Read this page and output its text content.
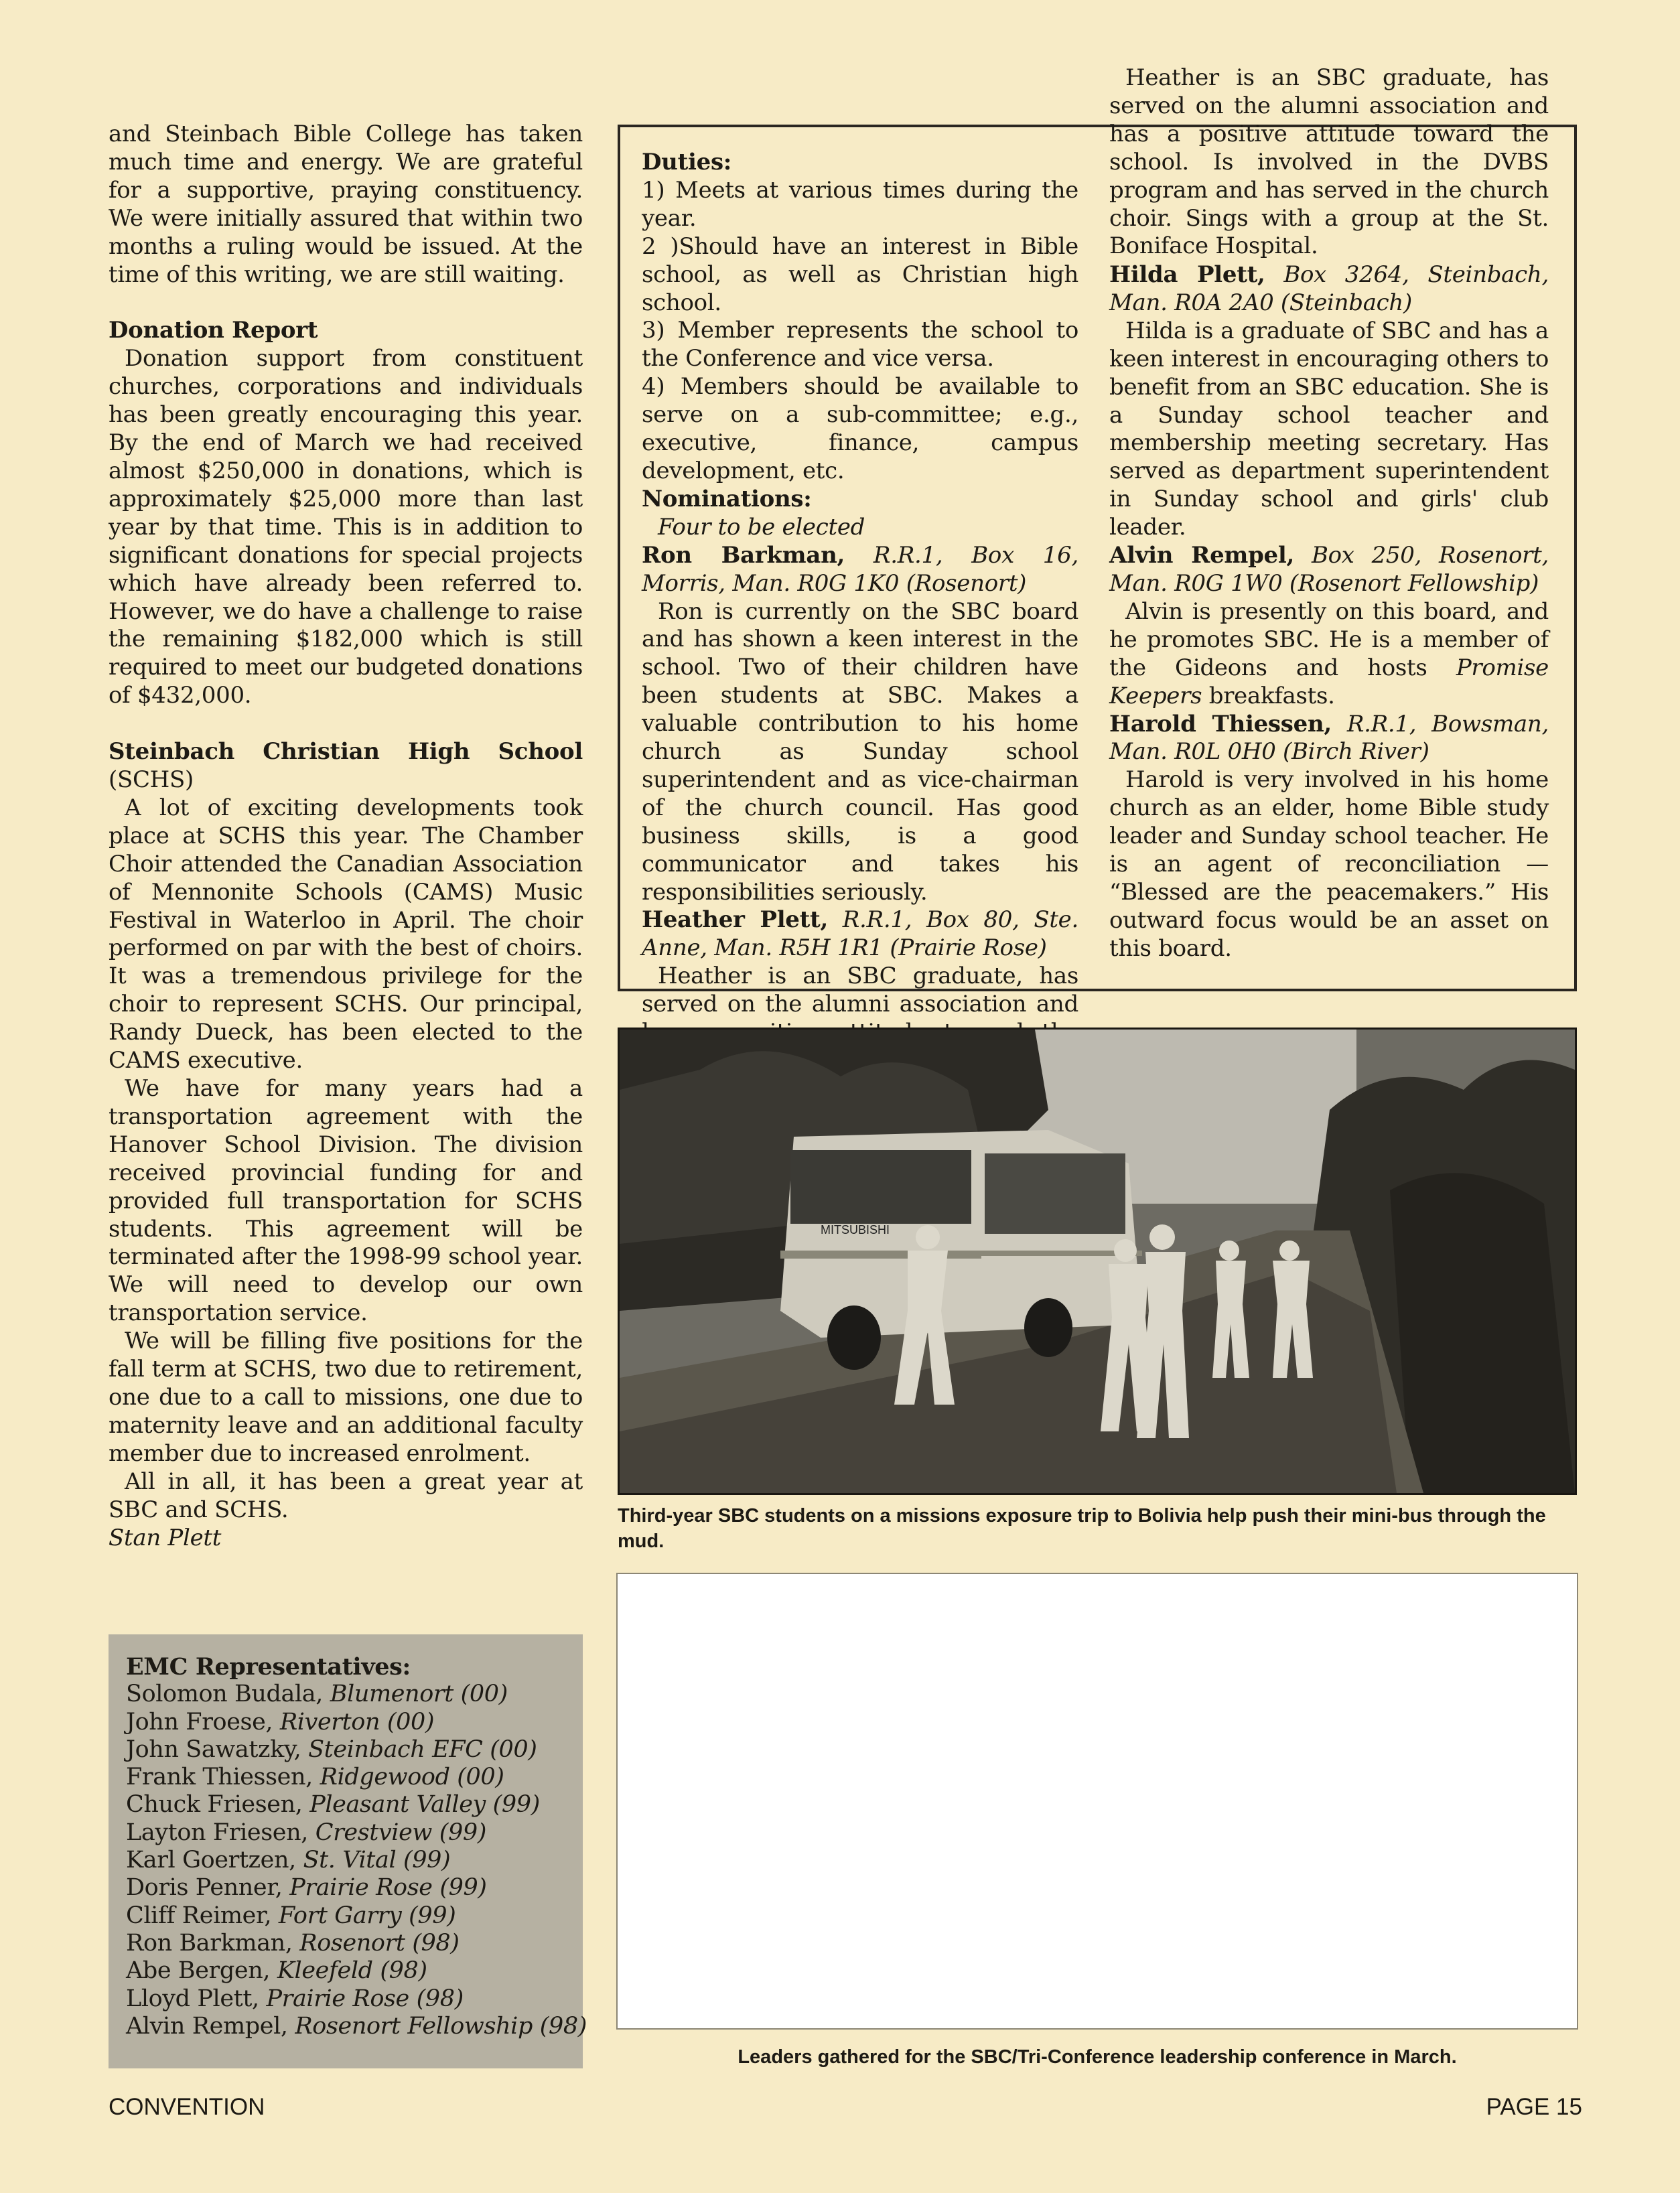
and Steinbach Bible College has taken much time and energy. We are grateful for a supportive, praying constituency. We were initially assured that within two months a ruling would be issued. At the time of this writing, we are still waiting.

Donation Report

Donation support from constituent churches, corporations and individuals has been greatly encouraging this year. By the end of March we had received almost $250,000 in donations, which is approximately $25,000 more than last year by that time. This is in addition to significant donations for special projects which have already been referred to. However, we do have a challenge to raise the remaining $182,000 which is still required to meet our budgeted donations of $432,000.

Steinbach Christian High School (SCHS)

A lot of exciting developments took place at SCHS this year. The Chamber Choir attended the Canadian Association of Mennonite Schools (CAMS) Music Festival in Waterloo in April. The choir performed on par with the best of choirs. It was a tremendous privilege for the choir to represent SCHS. Our principal, Randy Dueck, has been elected to the CAMS executive.

We have for many years had a transportation agreement with the Hanover School Division. The division received provincial funding for and provided full transportation for SCHS students. This agreement will be terminated after the 1998-99 school year. We will need to develop our own transportation service.

We will be filling five positions for the fall term at SCHS, two due to retirement, one due to a call to missions, one due to maternity leave and an additional faculty member due to increased enrolment.

All in all, it has been a great year at SBC and SCHS.

Stan Plett

Duties:

1) Meets at various times during the year.

2 )Should have an interest in Bible school, as well as Christian high school.

3) Member represents the school to the Conference and vice versa.

4) Members should be available to serve on a sub-committee; e.g., executive, finance, campus development, etc.

Nominations:

Four to be elected

Ron Barkman, R.R.1, Box 16, Morris, Man. R0G 1K0 (Rosenort)

Ron is currently on the SBC board and has shown a keen interest in the school. Two of their children have been students at SBC. Makes a valuable contribution to his home church as Sunday school superintendent and as vice-chairman of the church council. Has good business skills, is a good communicator and takes his responsibilities seriously.

Heather Plett, R.R.1, Box 80, Ste. Anne, Man. R5H 1R1 (Prairie Rose)

Heather is an SBC graduate, has served on the alumni association and

Heather is an SBC graduate, has served on the alumni association and has a positive attitude toward the school. Is involved in the DVBS program and has served in the church choir. Sings with a group at the St. Boniface Hospital.

Hilda Plett, Box 3264, Steinbach, Man. R0A 2A0 (Steinbach)

Hilda is a graduate of SBC and has a keen interest in encouraging others to benefit from an SBC education. She is a Sunday school teacher and membership meeting secretary. Has served as department superintendent in Sunday school and girls' club leader.

Alvin Rempel, Box 250, Rosenort, Man. R0G 1W0 (Rosenort Fellowship)

Alvin is presently on this board, and he promotes SBC. He is a member of the Gideons and hosts Promise Keepers breakfasts.

Harold Thiessen, R.R.1, Bowsman, Man. R0L 0H0 (Birch River)

Harold is very involved in his home church as an elder, home Bible study leader and Sunday school teacher. He is an agent of reconciliation — “Blessed are the peacemakers.” His outward focus would be an asset on this board.

MITSUBISHI
Third-year SBC students on a missions exposure trip to Bolivia help push their mini-bus through the mud.
Leaders gathered for the SBC/Tri-Conference leadership conference in March.

EMC Representatives:

Solomon Budala, Blumenort (00)
John Froese, Riverton (00)
John Sawatzky, Steinbach EFC (00)
Frank Thiessen, Ridgewood (00)
Chuck Friesen, Pleasant Valley (99)
Layton Friesen, Crestview (99)
Karl Goertzen, St. Vital (99)
Doris Penner, Prairie Rose (99)
Cliff Reimer, Fort Garry (99)
Ron Barkman, Rosenort (98)
Abe Bergen, Kleefeld (98)
Lloyd Plett, Prairie Rose (98)
Alvin Rempel, Rosenort Fellowship (98)
CONVENTION	PAGE 15
